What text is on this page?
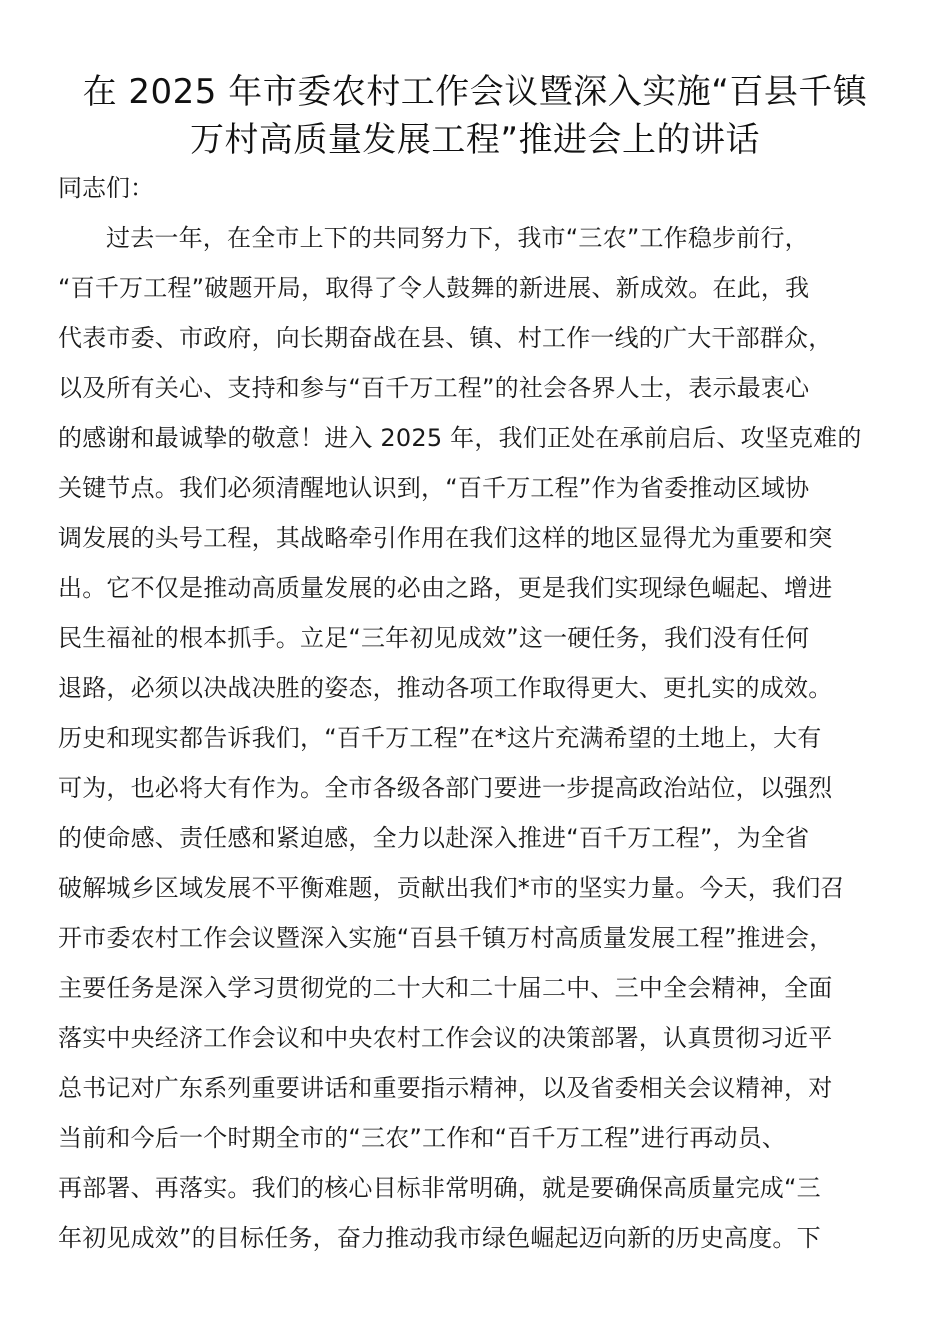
在 2025 年市委农村工作会议暨深入实施“百县千镇
万村高质量发展工程”推进会上的讲话

同志们：

过去一年，在全市上下的共同努力下，我市“三农”工作稳步前行，
“百千万工程”破题开局，取得了令人鼓舞的新进展、新成效。在此，我
代表市委、市政府，向长期奋战在县、镇、村工作一线的广大干部群众，
以及所有关心、支持和参与“百千万工程”的社会各界人士，表示最衷心
的感谢和最诚挚的敬意！进入 2025 年，我们正处在承前启后、攻坚克难的
关键节点。我们必须清醒地认识到，“百千万工程”作为省委推动区域协
调发展的头号工程，其战略牵引作用在我们这样的地区显得尤为重要和突
出。它不仅是推动高质量发展的必由之路，更是我们实现绿色崛起、增进
民生福祉的根本抓手。立足“三年初见成效”这一硬任务，我们没有任何
退路，必须以决战决胜的姿态，推动各项工作取得更大、更扎实的成效。
历史和现实都告诉我们，“百千万工程”在*这片充满希望的土地上，大有
可为，也必将大有作为。全市各级各部门要进一步提高政治站位，以强烈
的使命感、责任感和紧迫感，全力以赴深入推进“百千万工程”，为全省
破解城乡区域发展不平衡难题，贡献出我们*市的坚实力量。今天，我们召
开市委农村工作会议暨深入实施“百县千镇万村高质量发展工程”推进会，
主要任务是深入学习贯彻党的二十大和二十届二中、三中全会精神，全面
落实中央经济工作会议和中央农村工作会议的决策部署，认真贯彻习近平
总书记对广东系列重要讲话和重要指示精神，以及省委相关会议精神，对
当前和今后一个时期全市的“三农”工作和“百千万工程”进行再动员、
再部署、再落实。我们的核心目标非常明确，就是要确保高质量完成“三
年初见成效”的目标任务，奋力推动我市绿色崛起迈向新的历史高度。下
